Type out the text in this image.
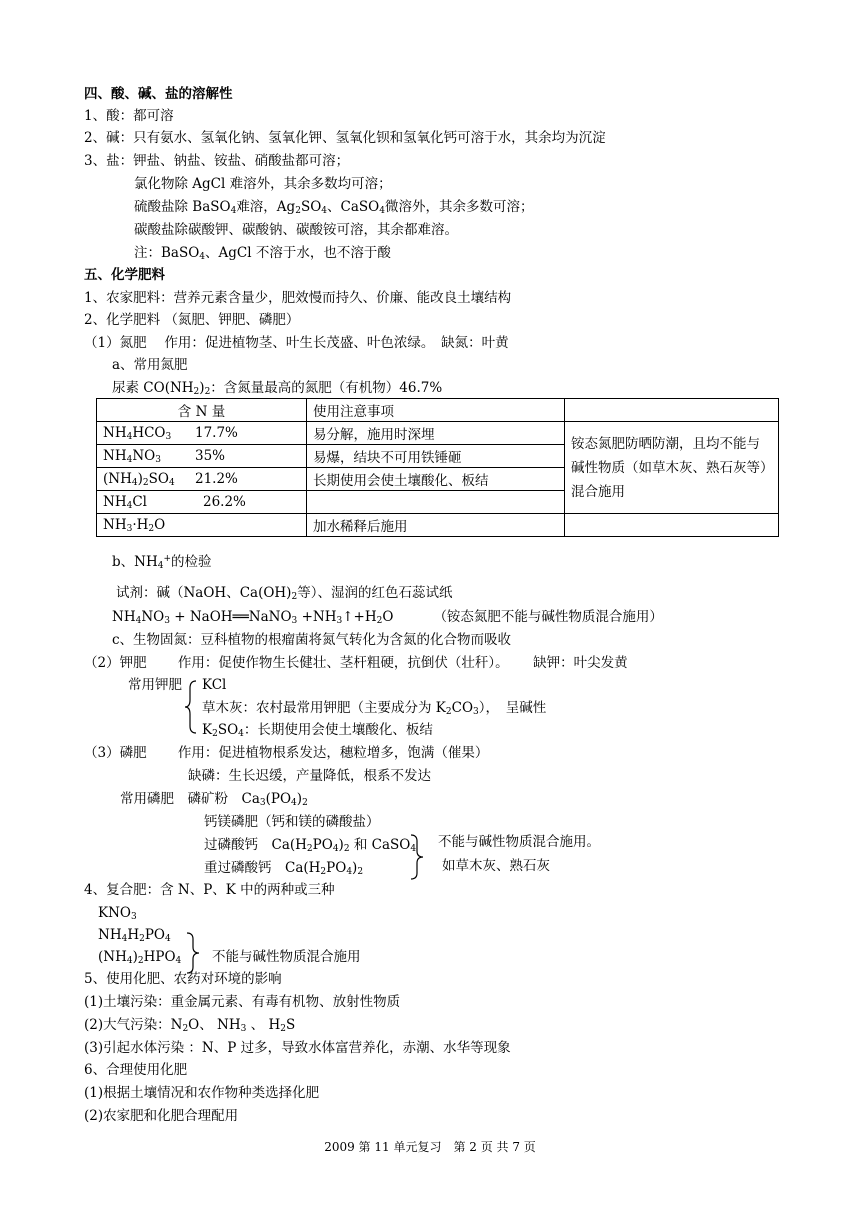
四、酸、碱、盐的溶解性
1、酸：都可溶
2、碱：只有氨水、氢氧化钠、氢氧化钾、氢氧化钡和氢氧化钙可溶于水，其余均为沉淀
3、盐：钾盐、钠盐、铵盐、硝酸盐都可溶；
氯化物除 AgCl 难溶外，其余多数均可溶；
硫酸盐除 BaSO$_4$难溶，$Ag_2SO_4$、CaSO$_4$微溶外，其余多数可溶；
碳酸盐除碳酸钾、碳酸钠、碳酸铵可溶，其余都难溶。
注：BaSO$_4$、AgCl 不溶于水，也不溶于酸
五、化学肥料
1、农家肥料：营养元素含量少，肥效慢而持久、价廉、能改良土壤结构
2、化学肥料 （氮肥、钾肥、磷肥）
（1）氮肥　 作用：促进植物茎、叶生长茂盛、叶色浓绿。　缺氮：叶黄
a、常用氮肥
尿素 $CO(NH_2)_2$：含氮量最高的氮肥（有机物）46.7%
含 N 量	使用注意事项	
$NH_4HCO_3$ 17.7%	易分解，施用时深埋	铵态氮肥防晒防潮，且均不能与碱性物质（如草木灰、熟石灰等）混合施用
$NH_4NO_3$ 35%	易爆，结块不可用铁锤砸	
$(NH_4)_2SO_4$ 21.2%	长期使用会使土壤酸化、板结	
$NH_4Cl$ 26.2%		
$NH_3\cdot H_2O$	加水稀释后施用	
b、$NH_4^+$的检验
试剂：碱（NaOH、$Ca(OH)_2$等）、湿润的红色石蕊试纸
$NH_4NO_3$ + NaOH══NaNO$_3$ $+NH_3↑+H_2O$	（铵态氮肥不能与碱性物质混合施用）
c、生物固氮：豆科植物的根瘤菌将氮气转化为含氮的化合物而吸收
（2）钾肥　 　作用：促使作物生长健壮、茎杆粗硬，抗倒伏（壮秆）。　 　缺钾：叶尖发黄
常用钾肥 KCl
草木灰：农村最常用钾肥（主要成分为 $K_2CO_3$），　呈碱性
$K_2SO_4$：长期使用会使土壤酸化、板结
（3）磷肥　　 作用：促进植物根系发达，穗粒增多，饱满（催果）
缺磷：生长迟缓，产量降低，根系不发达
常用磷肥　磷矿粉　$Ca_3(PO_4)_2$
钙镁磷肥（钙和镁的磷酸盐）
过磷酸钙　$Ca(H_2PO_4)_2$ 和 CaSO$_4$
重过磷酸钙　$Ca(H_2PO_4)_2$
不能与碱性物质混合施用。
如草木灰、熟石灰
4、复合肥：含 N、P、K 中的两种或三种
$KNO_3$
$NH_4H_2PO_4$
$(NH_4)_2HPO_4$ 不能与碱性物质混合施用
5、使用化肥、农药对环境的影响
(1)土壤污染：重金属元素、有毒有机物、放射性物质
(2)大气污染：$N_2O$、 $NH_3$ 、 $H_2S$
(3)引起水体污染 ：N、P 过多，导致水体富营养化，赤潮、水华等现象
6、合理使用化肥
(1)根据土壤情况和农作物种类选择化肥
(2)农家肥和化肥合理配用
2009 第 11 单元复习　第 2 页 共 7 页
